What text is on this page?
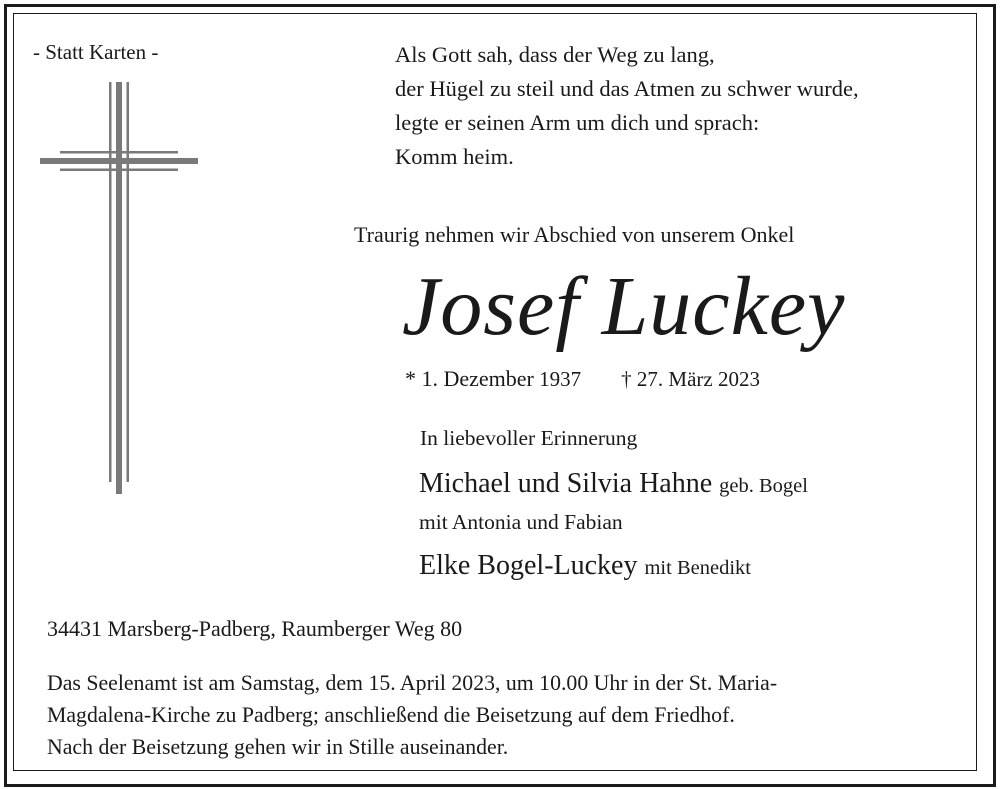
- Statt Karten -	Als Gott sah, dass der Weg zu lang,
der Hügel zu steil und das Atmen zu schwer wurde,
legte er seinen Arm um dich und sprach:
Komm heim.
Traurig nehmen wir Abschied von unserem Onkel
Josef Luckey
* 1. Dezember 1937 † 27. März 2023
In liebevoller Erinnerung
Michael und Silvia Hahne geb. Bogel
mit Antonia und Fabian
Elke Bogel-Luckey mit Benedikt
34431 Marsberg-Padberg, Raumberger Weg 80
Das Seelenamt ist am Samstag, dem 15. April 2023, um 10.00 Uhr in der St. Maria-
Magdalena-Kirche zu Padberg; anschließend die Beisetzung auf dem Friedhof.
Nach der Beisetzung gehen wir in Stille auseinander.
